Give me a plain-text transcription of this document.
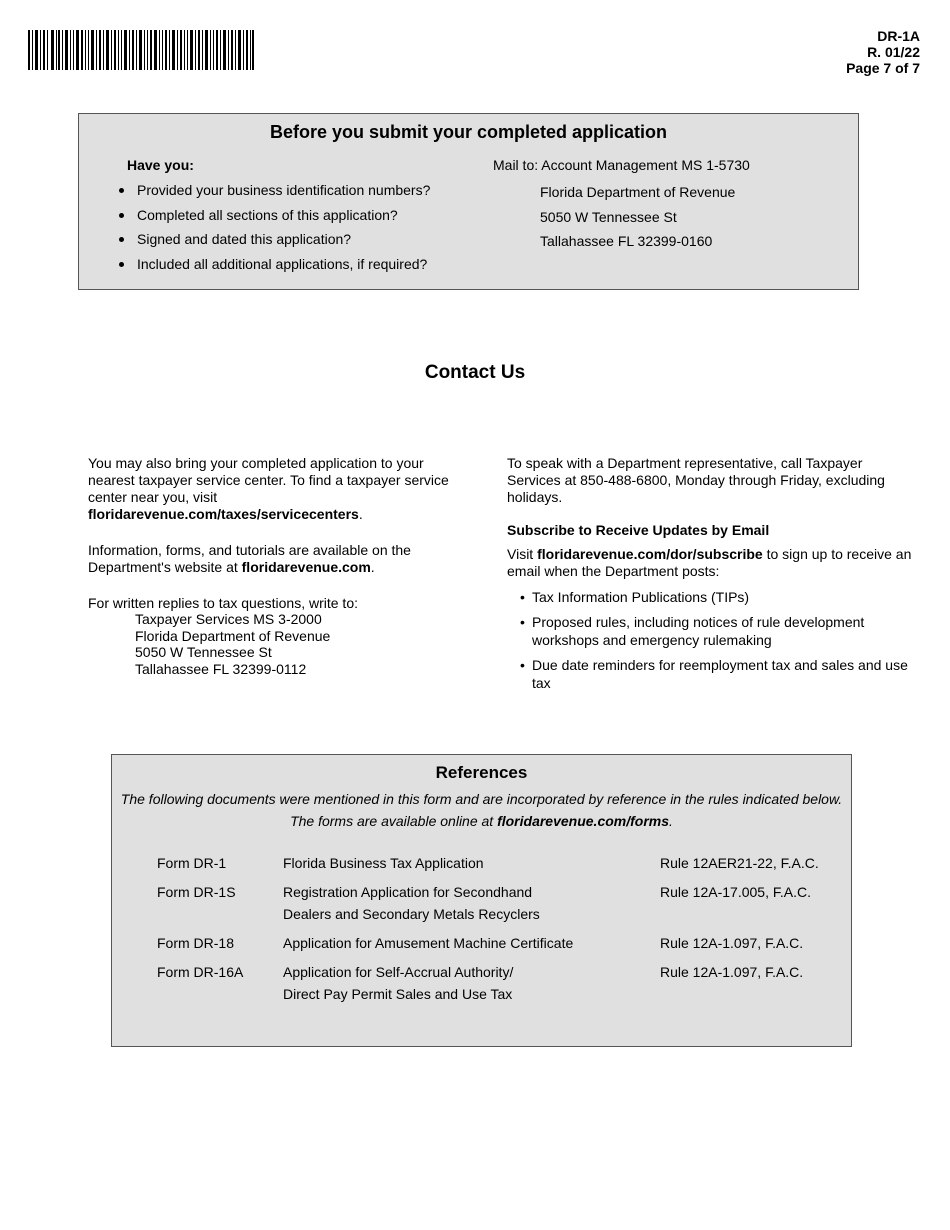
DR-1A
R. 01/22
Page 7 of 7
Before you submit your completed application
Have you:
Provided your business identification numbers?
Completed all sections of this application?
Signed and dated this application?
Included all additional applications, if required?
Mail to: Account Management MS 1-5730
Florida Department of Revenue
5050 W Tennessee St
Tallahassee FL 32399-0160
Contact Us

You may also bring your completed application to your nearest taxpayer service center. To find a taxpayer service center near you, visit floridarevenue.com/taxes/servicecenters.

Information, forms, and tutorials are available on the Department's website at floridarevenue.com.

For written replies to tax questions, write to:

Taxpayer Services MS 3-2000
Florida Department of Revenue
5050 W Tennessee St
Tallahassee FL 32399-0112

To speak with a Department representative, call Taxpayer Services at 850-488-6800, Monday through Friday, excluding holidays.

Subscribe to Receive Updates by Email

Visit floridarevenue.com/dor/subscribe to sign up to receive an email when the Department posts:

• Tax Information Publications (TIPs)
• Proposed rules, including notices of rule development workshops and emergency rulemaking
• Due date reminders for reemployment tax and sales and use tax
References
The following documents were mentioned in this form and are incorporated by reference in the rules indicated below.
The forms are available online at floridarevenue.com/forms.
Form DR-1	Florida Business Tax Application	Rule 12AER21-22, F.A.C.
Form DR-1S	Registration Application for Secondhand
Dealers and Secondary Metals Recyclers	Rule 12A-17.005, F.A.C.
Form DR-18	Application for Amusement Machine Certificate	Rule 12A-1.097, F.A.C.
Form DR-16A	Application for Self-Accrual Authority/
Direct Pay Permit Sales and Use Tax	Rule 12A-1.097, F.A.C.
